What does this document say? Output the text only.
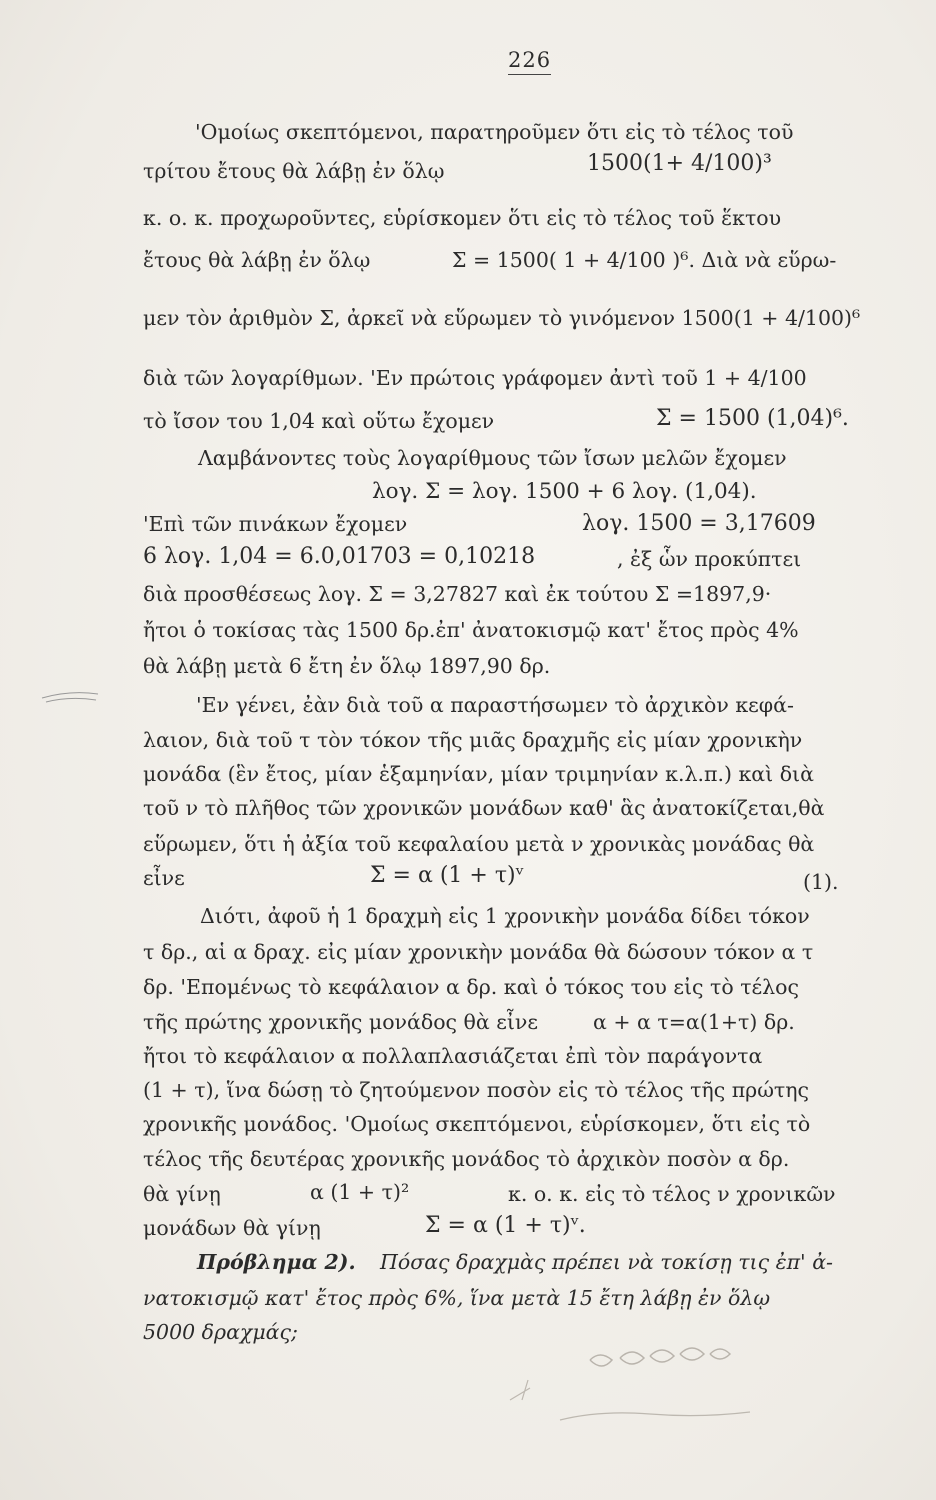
226
'Ομοίως σκεπτόμενοι, παρατηροῦμεν ὅτι εἰς τὸ τέλος τοῦ
τρίτου ἔτους θὰ λάβῃ ἐν ὅλῳ	1500(1+ 4/100)³
κ. ο. κ. προχωροῦντες, εὑρίσκομεν ὅτι εἰς τὸ τέλος τοῦ ἕκτου
ἔτους θὰ λάβῃ ἐν ὅλῳ	Σ = 1500( 1 + 4/100 )⁶. Διὰ νὰ εὕρω-
μεν τὸν ἀριθμὸν Σ, ἀρκεῖ νὰ εὕρωμεν τὸ γινόμενον 1500(1 + 4/100)⁶
διὰ τῶν λογαρίθμων. 'Εν πρώτοις γράφομεν ἀντὶ τοῦ 1 + 4/100
τὸ ἴσον του 1,04 καὶ οὕτω ἔχομεν	Σ = 1500 (1,04)⁶.
Λαμβάνοντες τοὺς λογαρίθμους τῶν ἴσων μελῶν ἔχομεν
λογ. Σ = λογ. 1500 + 6 λογ. (1,04).
'Επὶ τῶν πινάκων ἔχομεν	λογ. 1500 = 3,17609
6 λογ. 1,04 = 6.0,01703 = 0,10218	, ἐξ ὧν προκύπτει
διὰ προσθέσεως λογ. Σ = 3,27827 καὶ ἐκ τούτου Σ =1897,9·
ἤτοι ὁ τοκίσας τὰς 1500 δρ.ἐπ' ἀνατοκισμῷ κατ' ἔτος πρὸς 4%
θὰ λάβῃ μετὰ 6 ἔτη ἐν ὅλῳ 1897,90 δρ.
'Εν γένει, ἐὰν διὰ τοῦ α παραστήσωμεν τὸ ἀρχικὸν κεφά-
λαιον, διὰ τοῦ τ τὸν τόκον τῆς μιᾶς δραχμῆς εἰς μίαν χρονικὴν
μονάδα (ἓν ἔτος, μίαν ἑξαμηνίαν, μίαν τριμηνίαν κ.λ.π.) καὶ διὰ
τοῦ ν τὸ πλῆθος τῶν χρονικῶν μονάδων καθ' ἃς ἀνατοκίζεται,θὰ
εὕρωμεν, ὅτι ἡ ἀξία τοῦ κεφαλαίου μετὰ ν χρονικὰς μονάδας θὰ
εἶνε	Σ = α (1 + τ)ᵛ	(1).
Διότι, ἀφοῦ ἡ 1 δραχμὴ εἰς 1 χρονικὴν μονάδα δίδει τόκον
τ δρ., αἱ α δραχ. εἰς μίαν χρονικὴν μονάδα θὰ δώσουν τόκον α τ
δρ. 'Επομένως τὸ κεφάλαιον α δρ. καὶ ὁ τόκος του εἰς τὸ τέλος
τῆς πρώτης χρονικῆς μονάδος θὰ εἶνε	α + α τ=α(1+τ) δρ.
ἤτοι τὸ κεφάλαιον α πολλαπλασιάζεται ἐπὶ τὸν παράγοντα
(1 + τ), ἵνα δώσῃ τὸ ζητούμενον ποσὸν εἰς τὸ τέλος τῆς πρώτης
χρονικῆς μονάδος. 'Ομοίως σκεπτόμενοι, εὑρίσκομεν, ὅτι εἰς τὸ
τέλος τῆς δευτέρας χρονικῆς μονάδος τὸ ἀρχικὸν ποσὸν α δρ.
θὰ γίνῃ	α (1 + τ)²	κ. ο. κ. εἰς τὸ τέλος ν χρονικῶν
μονάδων θὰ γίνῃ	Σ = α (1 + τ)ᵛ.
Πρόβλημα 2). Πόσας δραχμὰς πρέπει νὰ τοκίσῃ τις ἐπ' ἀ-
νατοκισμῷ κατ' ἔτος πρὸς 6%, ἵνα μετὰ 15 ἔτη λάβῃ ἐν ὅλῳ
5000 δραχμάς;
